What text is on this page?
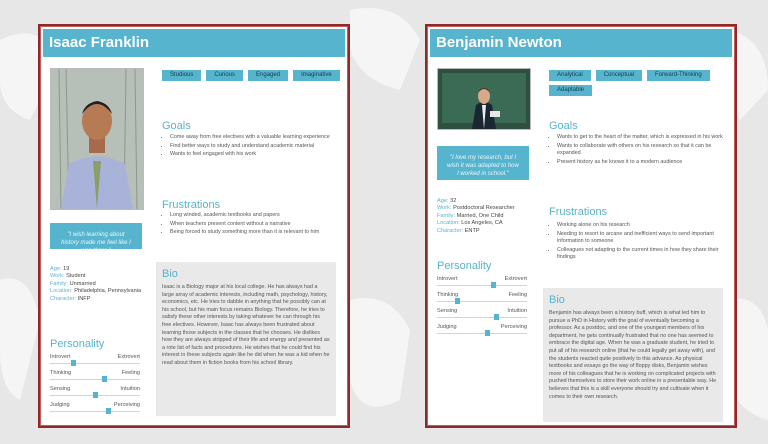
Isaac Franklin
"I wish learning about history made me feel like I was there."
Age: 19
Work: Student
Family: Unmarried
Location: Philadelphia, Pennsylvania
Character: INFP
Personality
Introvert	Extrovert
Thinking	Feeling
Sensing	Intuition
Judging	Perceiving
Studious	Curious	Engaged	Imaginative
Goals
• Come away from free electives with a valuable learning experience
• Find better ways to study and understand academic material
• Wants to feel engaged with his work
Frustrations
• Long winded, academic textbooks and papers
• When teachers present content without a narrative
• Being forced to study something more than it is relevant to him
Bio
Isaac is a Biology major at his local college. He has always had a large array of academic interests, including math, psychology, history, economics, etc. He tries to dabble in anything that he possibly can at his school, but his main focus remains Biology. Therefore, he tries to satisfy these other interests by taking whatever he can through his free electives. However, Isaac has always been frustrated about learning those subjects in the classes that he chooses. He dislikes how they are always stripped of their life and energy and presented as a rote list of facts and procedures. He wishes that he could find his interest in these subjects again like he did when he was a kid when he read about them in fiction books from his school library.
Benjamin Newton
"I love my research, but I wish it was adapted to how I worked in school."
Age: 32
Work: Postdoctoral Researcher
Family: Married, One Child
Location: Los Angeles, CA
Character: ENTP
Personality
Introvert	Extrovert
Thinking	Feeling
Sensing	Intuition
Judging	Perceiving
Analytical	Conceptual	Forward-Thinking
Adaptable
Goals
• Wants to get to the heart of the matter, which is expressed in his work
• Wants to collaborate with others on his research so that it can be expanded
• Present history as he knows it to a modern audience
Frustrations
• Working alone on his research
• Needing to resort to arcane and inefficient ways to send important information to someone
• Colleagues not adapting to the current times in how they share their findings
Bio
Benjamin has always been a history buff, which is what led him to pursue a PhD in History with the goal of eventually becoming a professor. As a postdoc, and one of the youngest members of his department, he gets continually frustrated that no one has seemed to embrace the digital age. When he was a graduate student, he tried to put all of his research online (that he could legally get away with), and the students reacted quite positively to this advance. As physical textbooks and essays go the way of floppy disks, Benjamin wishes more of his colleagues that he is working on complicated projects with pushed themselves to store their work online in a presentable way. He believes that this is a skill everyone should try and cultivate when it comes to their own research.
